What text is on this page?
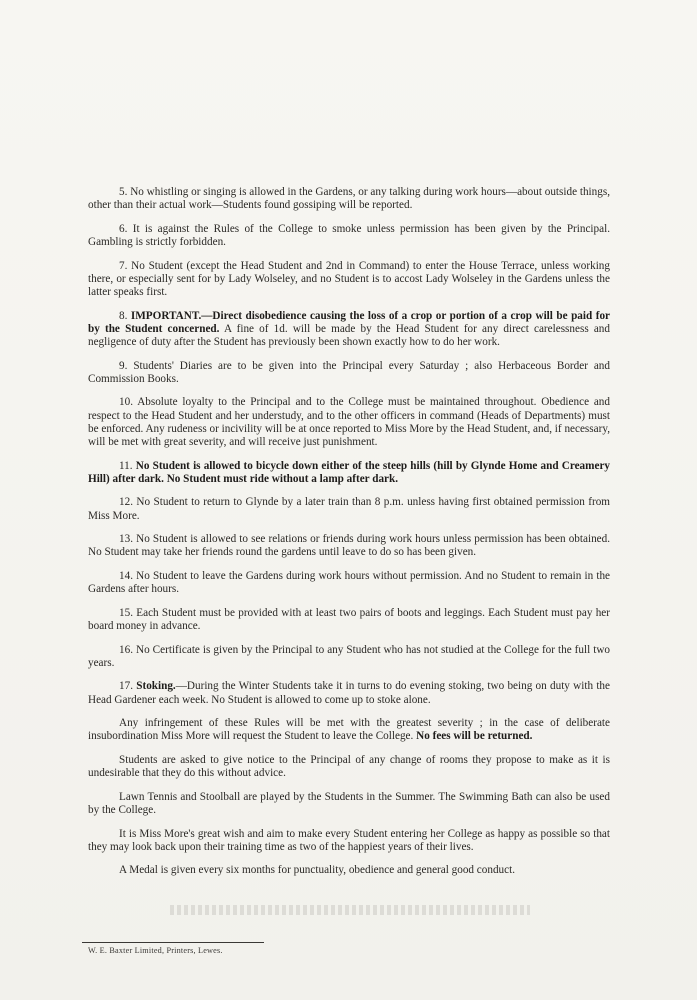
5. No whistling or singing is allowed in the Gardens, or any talking during work hours—about outside things, other than their actual work—Students found gossiping will be reported.

6. It is against the Rules of the College to smoke unless permission has been given by the Principal. Gambling is strictly forbidden.

7. No Student (except the Head Student and 2nd in Command) to enter the House Terrace, unless working there, or especially sent for by Lady Wolseley, and no Student is to accost Lady Wolseley in the Gardens unless the latter speaks first.

8. IMPORTANT.—Direct disobedience causing the loss of a crop or portion of a crop will be paid for by the Student concerned. A fine of 1d. will be made by the Head Student for any direct carelessness and negligence of duty after the Student has previously been shown exactly how to do her work.

9. Students' Diaries are to be given into the Principal every Saturday ; also Herbaceous Border and Commission Books.

10. Absolute loyalty to the Principal and to the College must be maintained throughout. Obedience and respect to the Head Student and her understudy, and to the other officers in command (Heads of Departments) must be enforced. Any rudeness or incivility will be at once reported to Miss More by the Head Student, and, if necessary, will be met with great severity, and will receive just punishment.

11. No Student is allowed to bicycle down either of the steep hills (hill by Glynde Home and Creamery Hill) after dark. No Student must ride without a lamp after dark.

12. No Student to return to Glynde by a later train than 8 p.m. unless having first obtained permission from Miss More.

13. No Student is allowed to see relations or friends during work hours unless permission has been obtained. No Student may take her friends round the gardens until leave to do so has been given.

14. No Student to leave the Gardens during work hours without permission. And no Student to remain in the Gardens after hours.

15. Each Student must be provided with at least two pairs of boots and leggings. Each Student must pay her board money in advance.

16. No Certificate is given by the Principal to any Student who has not studied at the College for the full two years.

17. Stoking.—During the Winter Students take it in turns to do evening stoking, two being on duty with the Head Gardener each week. No Student is allowed to come up to stoke alone.

Any infringement of these Rules will be met with the greatest severity ; in the case of deliberate insubordination Miss More will request the Student to leave the College. No fees will be returned.

Students are asked to give notice to the Principal of any change of rooms they propose to make as it is undesirable that they do this without advice.

Lawn Tennis and Stoolball are played by the Students in the Summer. The Swimming Bath can also be used by the College.

It is Miss More's great wish and aim to make every Student entering her College as happy as possible so that they may look back upon their training time as two of the happiest years of their lives.

A Medal is given every six months for punctuality, obedience and general good conduct.

W. E. Baxter Limited, Printers, Lewes.
